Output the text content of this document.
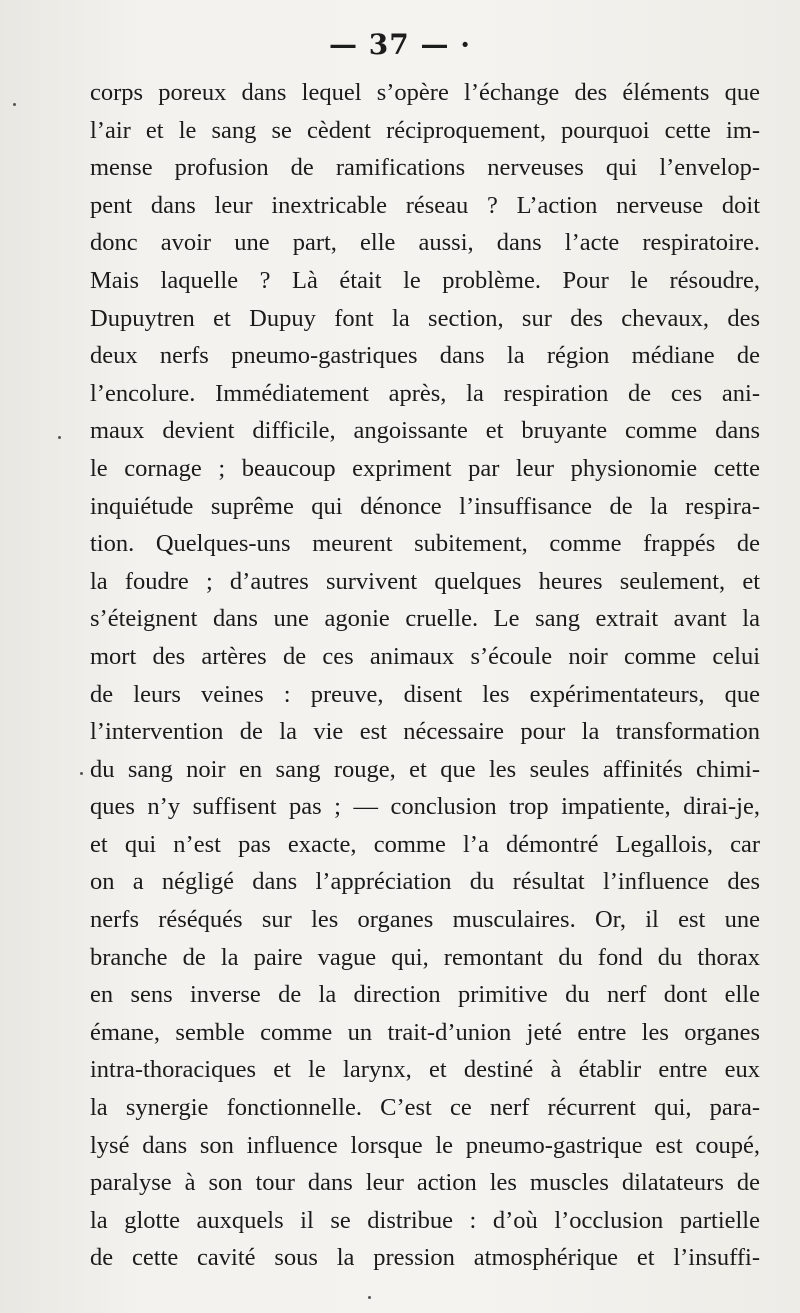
— 37 — ·
corps poreux dans lequel s’opère l’échange des éléments que
l’air et le sang se cèdent réciproquement, pourquoi cette im-
mense profusion de ramifications nerveuses qui l’envelop-
pent dans leur inextricable réseau ? L’action nerveuse doit
donc avoir une part, elle aussi, dans l’acte respiratoire.
Mais laquelle ? Là était le problème. Pour le résoudre,
Dupuytren et Dupuy font la section, sur des chevaux, des
deux nerfs pneumo-gastriques dans la région médiane de
l’encolure. Immédiatement après, la respiration de ces ani-
maux devient difficile, angoissante et bruyante comme dans
le cornage ; beaucoup expriment par leur physionomie cette
inquiétude suprême qui dénonce l’insuffisance de la respira-
tion. Quelques-uns meurent subitement, comme frappés de
la foudre ; d’autres survivent quelques heures seulement, et
s’éteignent dans une agonie cruelle. Le sang extrait avant la
mort des artères de ces animaux s’écoule noir comme celui
de leurs veines : preuve, disent les expérimentateurs, que
l’intervention de la vie est nécessaire pour la transformation
du sang noir en sang rouge, et que les seules affinités chimi-
ques n’y suffisent pas ; — conclusion trop impatiente, dirai-je,
et qui n’est pas exacte, comme l’a démontré Legallois, car
on a négligé dans l’appréciation du résultat l’influence des
nerfs réséqués sur les organes musculaires. Or, il est une
branche de la paire vague qui, remontant du fond du thorax
en sens inverse de la direction primitive du nerf dont elle
émane, semble comme un trait-d’union jeté entre les organes
intra-thoraciques et le larynx, et destiné à établir entre eux
la synergie fonctionnelle. C’est ce nerf récurrent qui, para-
lysé dans son influence lorsque le pneumo-gastrique est coupé,
paralyse à son tour dans leur action les muscles dilatateurs de
la glotte auxquels il se distribue : d’où l’occlusion partielle
de cette cavité sous la pression atmosphérique et l’insuffi-
